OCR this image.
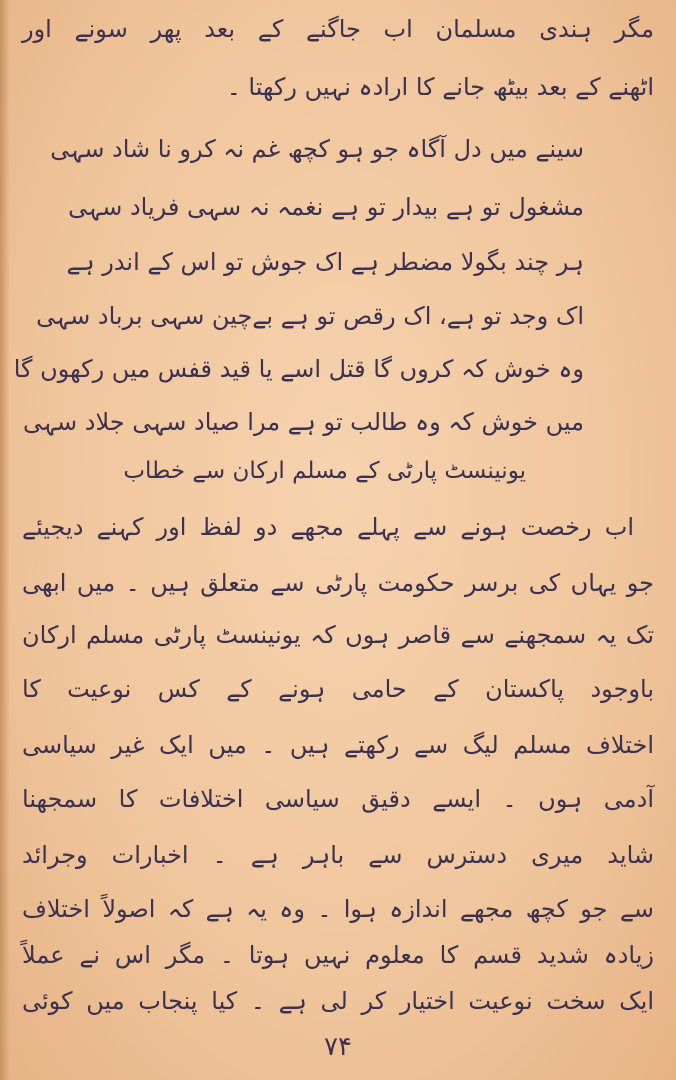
مگر ہندی مسلمان اب جاگنے کے بعد پھر سونے اور

اٹھنے کے بعد بیٹھ جانے کا ارادہ نہیں رکھتا ۔

سینے میں دل آگاہ جو ہو کچھ غم نہ کرو نا شاد سہی

مشغول تو ہے بیدار تو ہے نغمہ نہ سہی فریاد سہی

ہر چند بگولا مضطر ہے اک جوش تو اس کے اندر ہے

اک وجد تو ہے، اک رقص تو ہے بےچین سہی برباد سہی

وہ خوش کہ کروں گا قتل اسے یا قید قفس میں رکھوں گا

میں خوش کہ وہ طالب تو ہے مرا صیاد سہی جلاد سہی

یونینسٹ پارٹی کے مسلم ارکان سے خطاب

اب رخصت ہونے سے پہلے مجھے دو لفظ اور کہنے دیجیئے

جو یہاں کی برسر حکومت پارٹی سے متعلق ہیں ۔ میں ابھی

تک یہ سمجھنے سے قاصر ہوں کہ یونینسٹ پارٹی مسلم ارکان

باوجود پاکستان کے حامی ہونے کے کس نوعیت کا

اختلاف مسلم لیگ سے رکھتے ہیں ۔ میں ایک غیر سیاسی

آدمی ہوں ۔ ایسے دقیق سیاسی اختلافات کا سمجھنا

شاید میری دسترس سے باہر ہے ۔ اخبارات وجرائد

سے جو کچھ مجھے اندازہ ہوا ۔ وہ یہ ہے کہ اصولاً اختلاف

زیادہ شدید قسم کا معلوم نہیں ہوتا ۔ مگر اس نے عملاً

ایک سخت نوعیت اختیار کر لی ہے ۔ کیا پنجاب میں کوئی

۷۴
